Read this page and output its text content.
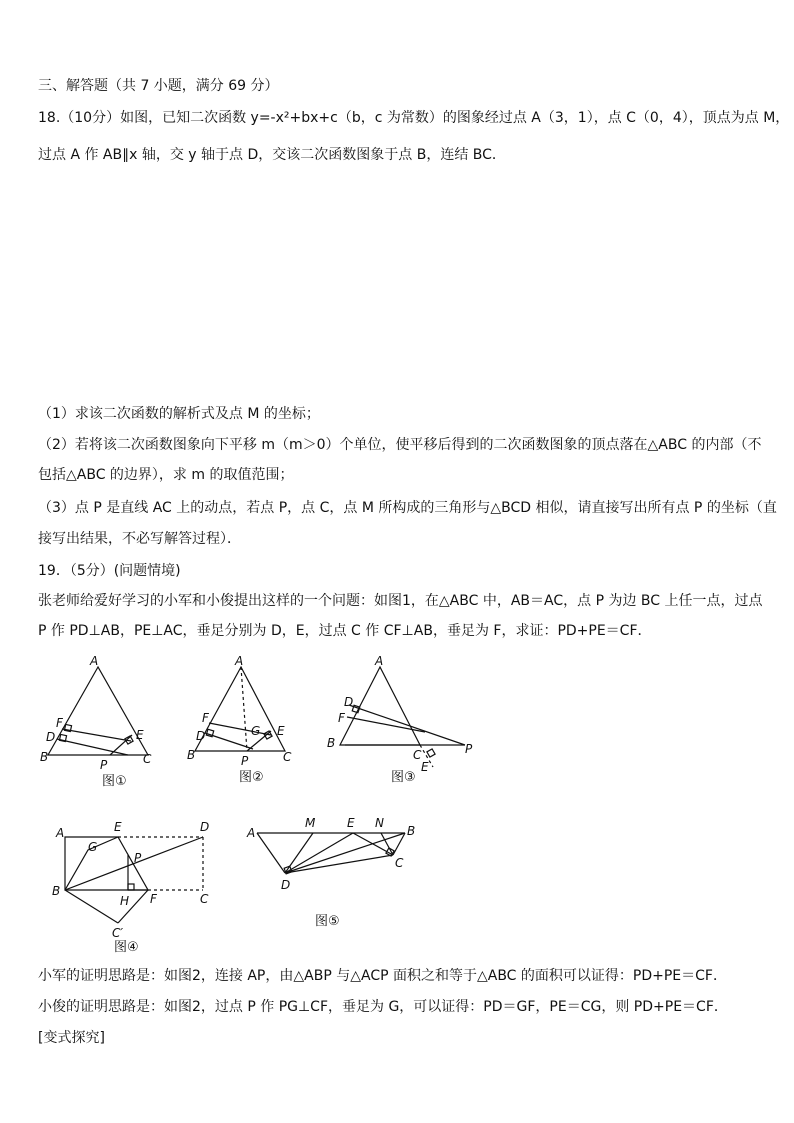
三、解答题（共 7 小题，满分 69 分）
18.（10分）如图，已知二次函数 y=-x²+bx+c（b，c 为常数）的图象经过点 A（3，1），点 C（0，4），顶点为点 M，
过点 A 作 AB∥x 轴，交 y 轴于点 D，交该二次函数图象于点 B，连结 BC．
（1）求该二次函数的解析式及点 M 的坐标；
（2）若将该二次函数图象向下平移 m（m＞0）个单位，使平移后得到的二次函数图象的顶点落在△ABC 的内部（不
包括△ABC 的边界），求 m 的取值范围；
（3）点 P 是直线 AC 上的动点，若点 P，点 C，点 M 所构成的三角形与△BCD 相似，请直接写出所有点 P 的坐标（直
接写出结果，不必写解答过程）．
19．（5分）(问题情境)
张老师给爱好学习的小军和小俊提出这样的一个问题：如图1，在△ABC 中，AB＝AC，点 P 为边 BC 上任一点，过点
P 作 PD⊥AB，PE⊥AC，垂足分别为 D，E，过点 C 作 CF⊥AB，垂足为 F，求证：PD+PE＝CF．
A
F
D	E
B
P	C
图①
A
F
D	G E
B	P	C
图②
A
D
F
B
C	P
E
图③
A	E	D
G
P
B
H F	C
C′
图④
A
M	E N
B
C
D
图⑤
小军的证明思路是：如图2，连接 AP，由△ABP 与△ACP 面积之和等于△ABC 的面积可以证得：PD+PE＝CF．
小俊的证明思路是：如图2，过点 P 作 PG⊥CF，垂足为 G，可以证得：PD＝GF，PE＝CG，则 PD+PE＝CF．
[变式探究]
